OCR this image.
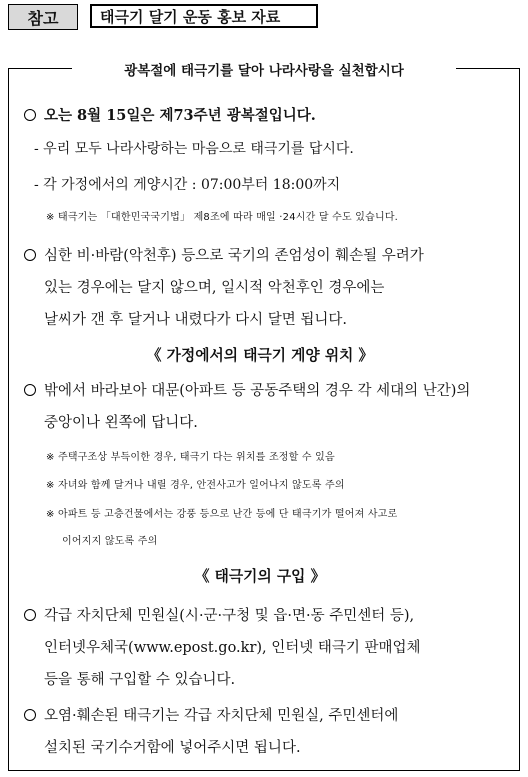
참고	태극기 달기 운동 홍보 자료
광복절에 태극기를 달아 나라사랑을 실천합시다
오는 8월 15일은 제73주년 광복절입니다.
- 우리 모두 나라사랑하는 마음으로 태극기를 답시다.
- 각 가정에서의 게양시간 : 07:00부터 18:00까지
※ 태극기는 「대한민국국기법」 제8조에 따라 매일 ·24시간 달 수도 있습니다.
심한 비·바람(악천후) 등으로 국기의 존엄성이 훼손될 우려가
있는 경우에는 달지 않으며, 일시적 악천후인 경우에는
날씨가 갠 후 달거나 내렸다가 다시 달면 됩니다.
《 가정에서의 태극기 게양 위치 》
밖에서 바라보아 대문(아파트 등 공동주택의 경우 각 세대의 난간)의
중앙이나 왼쪽에 답니다.
※ 주택구조상 부득이한 경우, 태극기 다는 위치를 조정할 수 있음
※ 자녀와 함께 달거나 내릴 경우, 안전사고가 일어나지 않도록 주의
※ 아파트 등 고층건물에서는 강풍 등으로 난간 등에 단 태극기가 떨어져 사고로
이어지지 않도록 주의
《 태극기의 구입 》
각급 자치단체 민원실(시·군·구청 및 읍·면·동 주민센터 등),
인터넷우체국(www.epost.go.kr), 인터넷 태극기 판매업체
등을 통해 구입할 수 있습니다.
오염·훼손된 태극기는 각급 자치단체 민원실, 주민센터에
설치된 국기수거함에 넣어주시면 됩니다.
